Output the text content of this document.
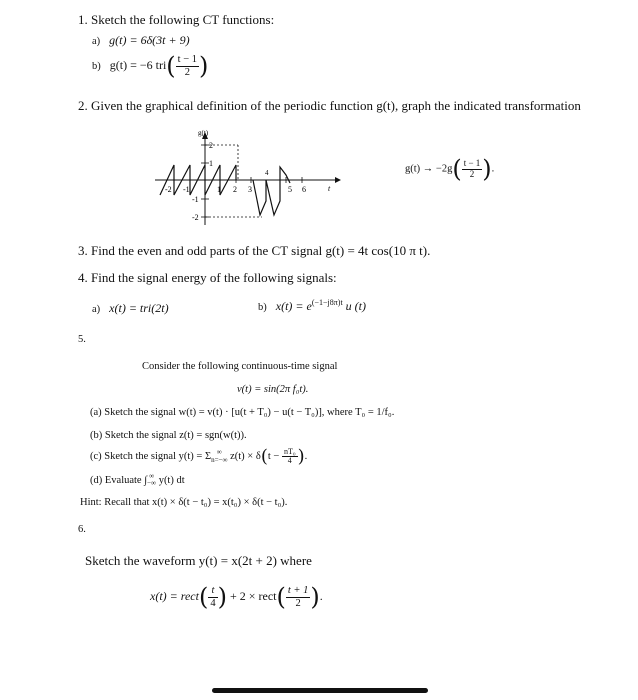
1. Sketch the following CT functions:
a) g(t) = 6δ(3t + 9)
b) g(t) = −6 $tri( \frac{t - 1}{2}$ )
2. Given the graphical definition of the periodic function g(t), graph the indicated transformation
g(t)
t
-2 -1	1 2 3	5 6
2
1
-1
-2
4	$g(t) \to -2g( \frac{t - 1}{2}$ ).
3. Find the even and odd parts of the CT signal g(t) = 4t cos(10 π t).
4. Find the signal energy of the following signals:
a) x(t) = tri(2t)	b) $x(t) = e^{(-1-j8\pi)t}$ u (t)
5.
Consider the following continuous-time signal
v(t) = sin(2π f₀t).
(a) Sketch the signal w(t) = v(t) · [u(t + T₀) − u(t − T₀)], where T₀ = 1/f₀.
(b) Sketch the signal z(t) = sgn(w(t)).
(c) Sketch the signal y(t) = Σ ∞
n=−∞ $z(t) \times \delta(t - \frac{\text{nT₀}}{4}$ ).
(d) Evaluate ∫ ∞
−∞ y(t) dt
Hint: Recall that x(t) × δ(t − t₀) = x(t₀) × δ(t − t₀).
6.
Sketch the waveform y(t) = x(2t + 2) where
x(t) = rect( $\frac{t}{4}$ ) + 2 × rect( $\frac{t + 1}{2}$ ).
